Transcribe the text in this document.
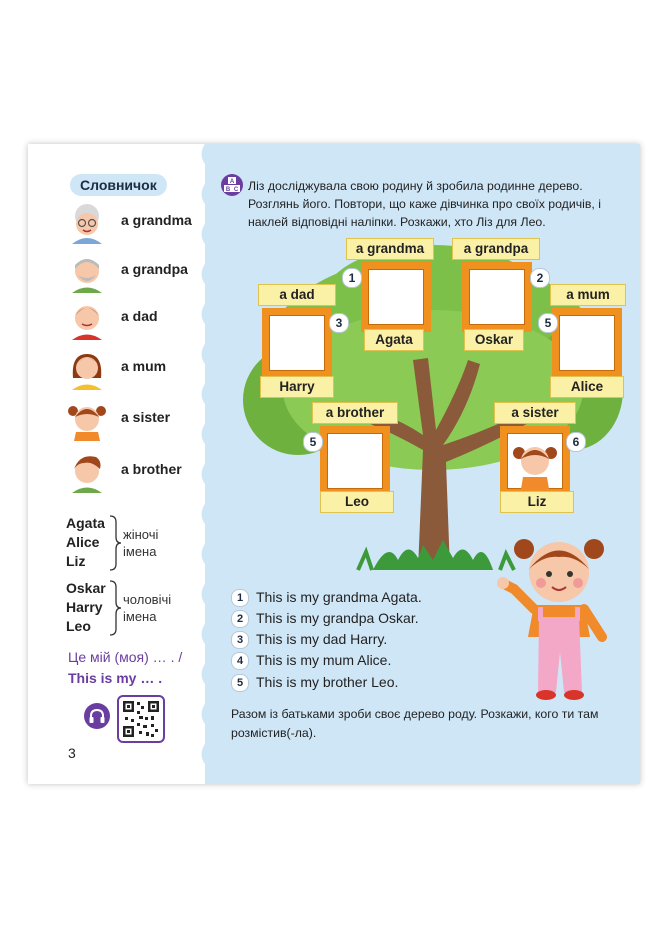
Словничок
a grandma
a grandpa
a dad
a mum
a sister
a brother
Agata
Alice
Liz
жіночі імена
Oskar
Harry
Leo
чоловічі імена
Це мій (моя) … . /
This is my … .
3
A
B C Ліз досліджувала свою родину й зробила родинне дерево. Розглянь його. Повтори, що каже дівчинка про своїх родичів, і наклей відповідні наліпки. Розкажи, хто Ліз для Лео.
a grandma
1
Agata
a grandpa
2
Oskar
a dad
3
Harry
a mum
5
Alice
a brother
5
Leo
a sister
6
Liz
1 This is my grandma Agata.
2 This is my grandpa Oskar.
3 This is my dad Harry.
4 This is my mum Alice.
5 This is my brother Leo.
Разом із батьками зроби своє дерево роду. Розкажи, кого ти там розмістив(-ла).
